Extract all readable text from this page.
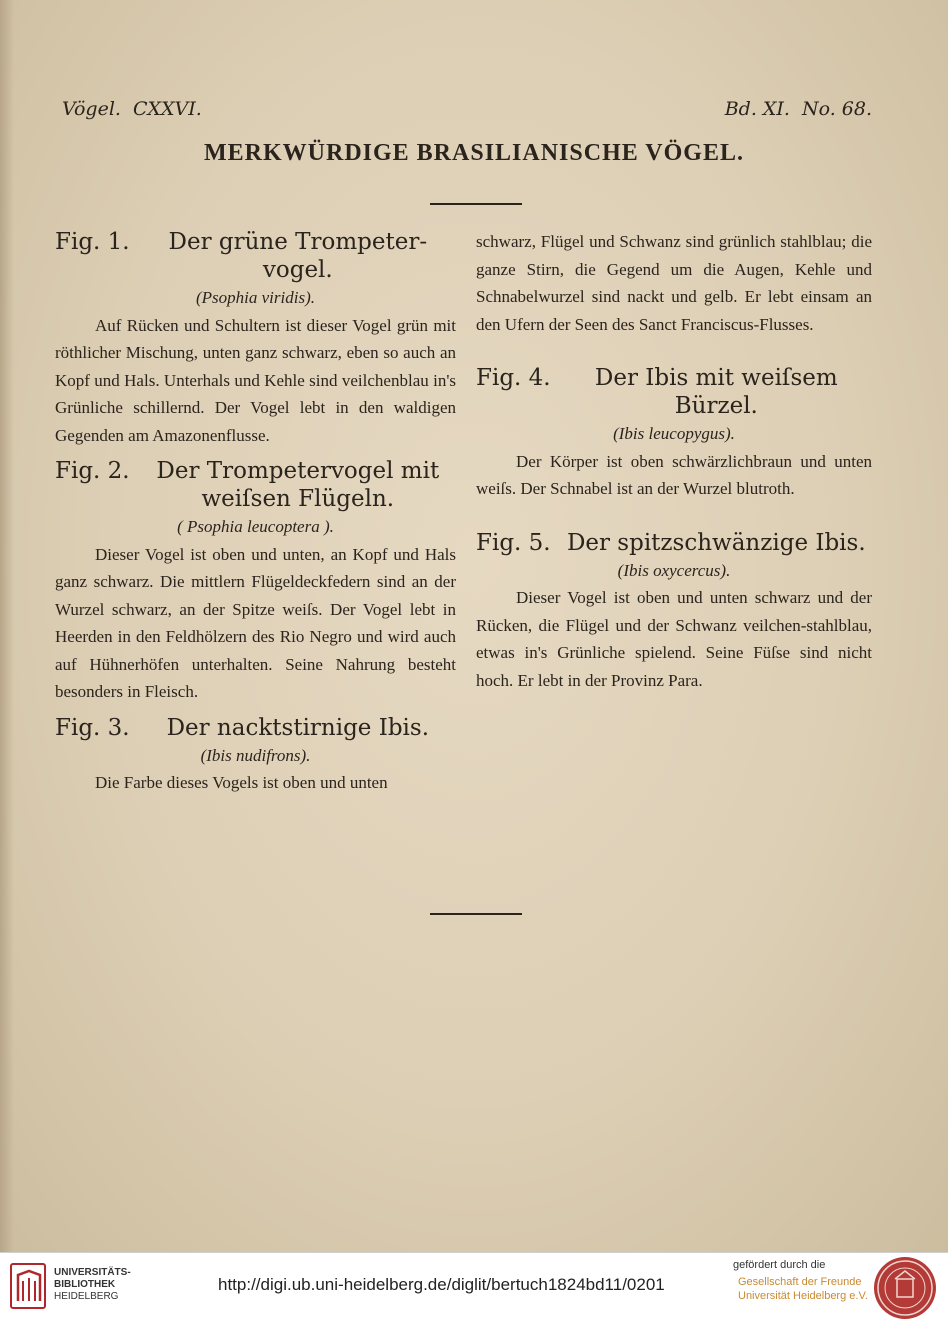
Vögel. CXXVI.	Bd. XI. No. 68.
MERKWÜRDIGE BRASILIANISCHE VÖGEL.
Fig. 1.	Der grüne Trompeter-vogel.
(Psophia viridis).
Auf Rücken und Schultern ist dieser Vogel grün mit röthlicher Mischung, unten ganz schwarz, eben so auch an Kopf und Hals. Unterhals und Kehle sind veilchenblau in's Grünliche schillernd. Der Vogel lebt in den waldigen Gegenden am Amazonenflusse.
Fig. 2.	Der Trompetervogel mit weiſsen Flügeln.
( Psophia leucoptera ).
Dieser Vogel ist oben und unten, an Kopf und Hals ganz schwarz. Die mittlern Flügeldeckfedern sind an der Wurzel schwarz, an der Spitze weiſs. Der Vogel lebt in Heerden in den Feldhölzern des Rio Negro und wird auch auf Hühnerhöfen unterhalten. Seine Nahrung besteht besonders in Fleisch.
Fig. 3.	Der nacktstirnige Ibis.
(Ibis nudifrons).
Die Farbe dieses Vogels ist oben und unten
schwarz, Flügel und Schwanz sind grünlich stahlblau; die ganze Stirn, die Gegend um die Augen, Kehle und Schnabelwurzel sind nackt und gelb. Er lebt einsam an den Ufern der Seen des Sanct Franciscus-Flusses.
Fig. 4.	Der Ibis mit weiſsem Bürzel.
(Ibis leucopygus).
Der Körper ist oben schwärzlichbraun und unten weiſs. Der Schnabel ist an der Wurzel blutroth.
Fig. 5. Der spitzschwänzige Ibis.
(Ibis oxycercus).
Dieser Vogel ist oben und unten schwarz und der Rücken, die Flügel und der Schwanz veilchen-stahlblau, etwas in's Grünliche spielend. Seine Füſse sind nicht hoch. Er lebt in der Provinz Para.
UNIVERSITÄTS-
BIBLIOTHEK
HEIDELBERG
http://digi.ub.uni-heidelberg.de/diglit/bertuch1824bd11/0201
gefördert durch die
Gesellschaft der Freunde
Universität Heidelberg e.V.
